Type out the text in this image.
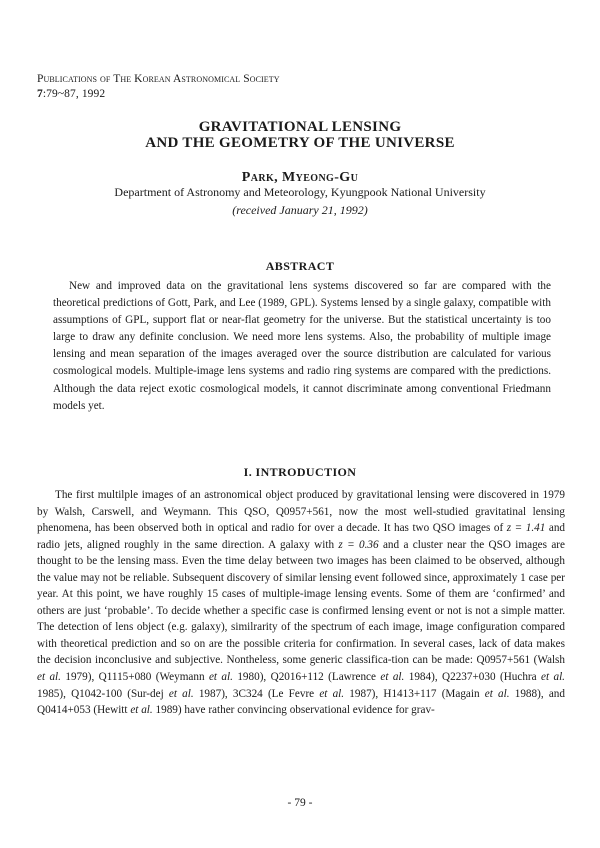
Publications of The Korean Astronomical Society
7:79~87, 1992
GRAVITATIONAL LENSING
AND THE GEOMETRY OF THE UNIVERSE
Park, Myeong-Gu
Department of Astronomy and Meteorology, Kyungpook National University
(received January 21, 1992)
ABSTRACT

New and improved data on the gravitational lens systems discovered so far are compared with the theoretical predictions of Gott, Park, and Lee (1989, GPL). Systems lensed by a single galaxy, compatible with assumptions of GPL, support flat or near-flat geometry for the universe. But the statistical uncertainty is too large to draw any definite conclusion. We need more lens systems. Also, the probability of multiple image lensing and mean separation of the images averaged over the source distribution are calculated for various cosmological models. Multiple-image lens systems and radio ring systems are compared with the predictions. Although the data reject exotic cosmological models, it cannot discriminate among conventional Friedmann models yet.

I. INTRODUCTION

The first multilple images of an astronomical object produced by gravitational lensing were discovered in 1979 by Walsh, Carswell, and Weymann. This QSO, Q0957+561, now the most well-studied gravitatinal lensing phenomena, has been observed both in optical and radio for over a decade. It has two QSO images of z = 1.41 and radio jets, aligned roughly in the same direction. A galaxy with z = 0.36 and a cluster near the QSO images are thought to be the lensing mass. Even the time delay between two images has been claimed to be observed, although the value may not be reliable. Subsequent discovery of similar lensing event followed since, approximately 1 case per year. At this point, we have roughly 15 cases of multiple-image lensing events. Some of them are ‘confirmed’ and others are just ‘probable’. To decide whether a specific case is confirmed lensing event or not is not a simple matter. The detection of lens object (e.g. galaxy), similrarity of the spectrum of each image, image configuration compared with theoretical prediction and so on are the possible criteria for confirmation. In several cases, lack of data makes the decision inconclusive and subjective. Nontheless, some generic classifica-tion can be made: Q0957+561 (Walsh et al. 1979), Q1115+080 (Weymann et al. 1980), Q2016+112 (Lawrence et al. 1984), Q2237+030 (Huchra et al. 1985), Q1042-100 (Sur-dej et al. 1987), 3C324 (Le Fevre et al. 1987), H1413+117 (Magain et al. 1988), and Q0414+053 (Hewitt et al. 1989) have rather convincing observational evidence for grav-

- 79 -
